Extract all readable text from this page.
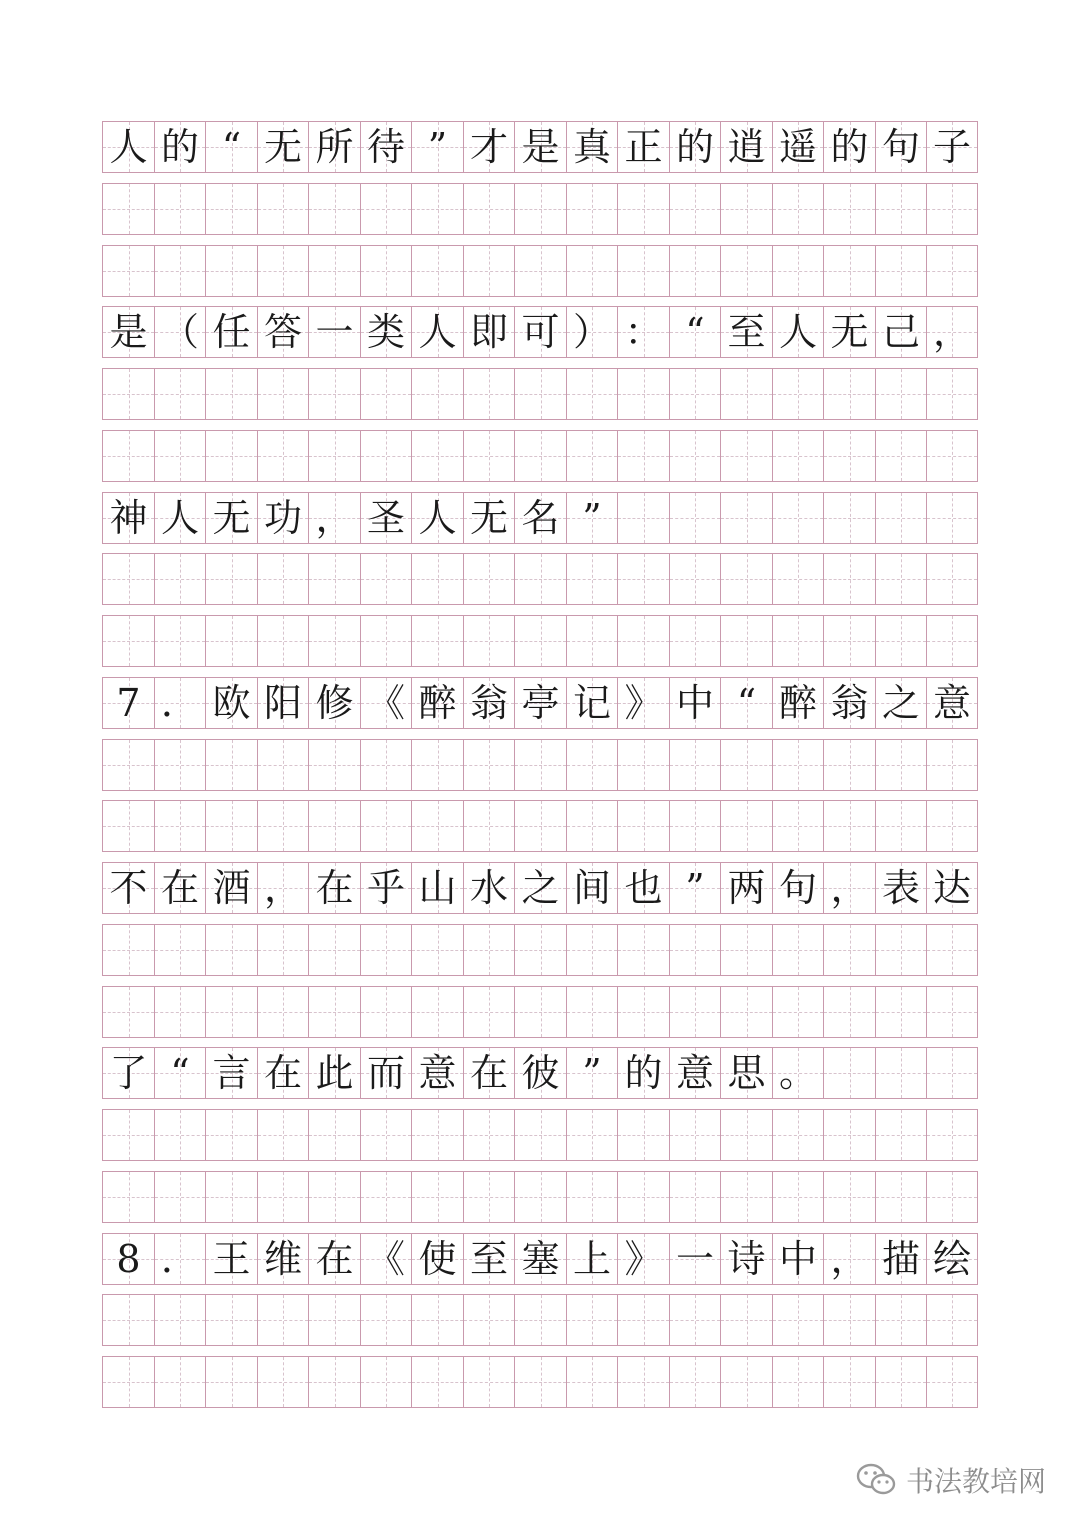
人 的 “ 无 所 待 ” 才 是 真 正 的 逍 遥 的 句 子
是 （ 任 答 一 类 人 即 可 ） ： “ 至 人 无 己 ，
神 人 无 功 ， 圣 人 无 名 ”
7 ． 欧 阳 修 《 醉 翁 亭 记 》 中 “ 醉 翁 之 意
不 在 酒 ， 在 乎 山 水 之 间 也 ” 两 句 ， 表 达
了 “ 言 在 此 而 意 在 彼 ” 的 意 思 。
8 ． 王 维 在 《 使 至 塞 上 》 一 诗 中 ， 描 绘
书法教培网
